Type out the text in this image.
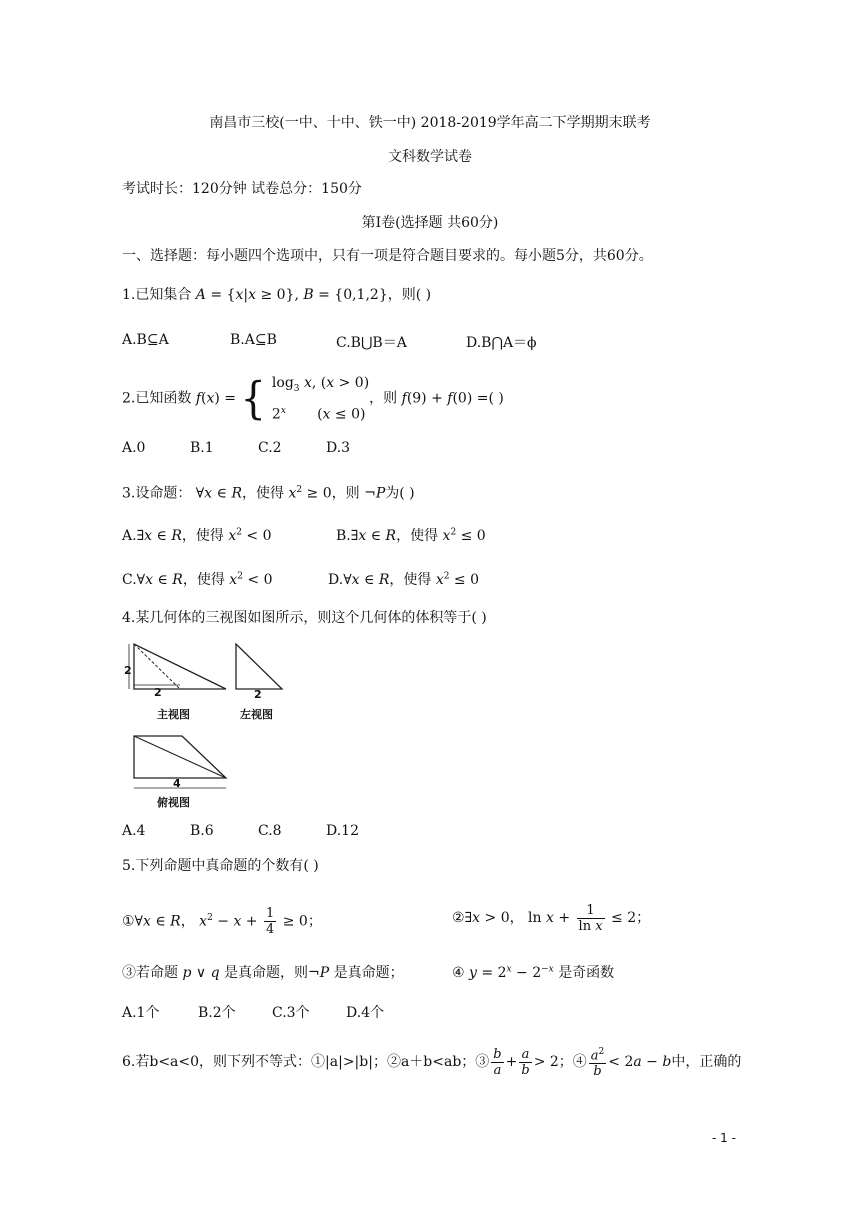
南昌市三校(一中、十中、铁一中) 2018-2019学年高二下学期期末联考
文科数学试卷
考试时长：120分钟 试卷总分：150分
第Ⅰ卷(选择题 共60分)
一、选择题：每小题四个选项中，只有一项是符合题目要求的。每小题5分，共60分。
1.已知集合 A = {x|x ≥ 0}, B = {0,1,2}，则( )
A.B⊆A	B.A⊆B	C.B⋃B＝A	D.B⋂A＝ϕ
2.已知函数 f(x) = { $\log_3 x$, (x > 0)
2$^x$       (x ≤ 0)
，则 f(9) + f(0) =( )
A.0	B.1	C.2	D.3
3.设命题： ∀x ∈ R，使得 $x^2 \ge 0$，则 ¬P为( )
A.∃x ∈ R，使得 $x^2 < 0$	B.∃x ∈ R，使得 $x^2 \le 0$
C.∀x ∈ R，使得 $x^2 < 0$	D.∀x ∈ R，使得 $x^2 \le 0$
4.某几何体的三视图如图所示，则这个几何体的体积等于( )
2
2	2
4
主视图	左视图
俯视图
A.4	B.6	C.8	D.12
5.下列命题中真命题的个数有( )
①∀x ∈ R， $x^2 - x + \frac{1}{4} \ge 0$；	②∃x > 0， $\ln x + \frac{1}{\text{ln x}} \le 2$；
③若命题 p ∨ q 是真命题，则¬P 是真命题；	④ $y = 2^x - 2^{-x}$ 是奇函数
A.1个	B.2个	C.3个	D.4个
6.若b<a<0，则下列不等式：①|a|>|b|；②a＋b<ab；③ $\frac{b}{a} + \frac{a}{b} > 2$；④ $\frac{a^2}{b} < 2a - b$中，正确的
- 1 -
